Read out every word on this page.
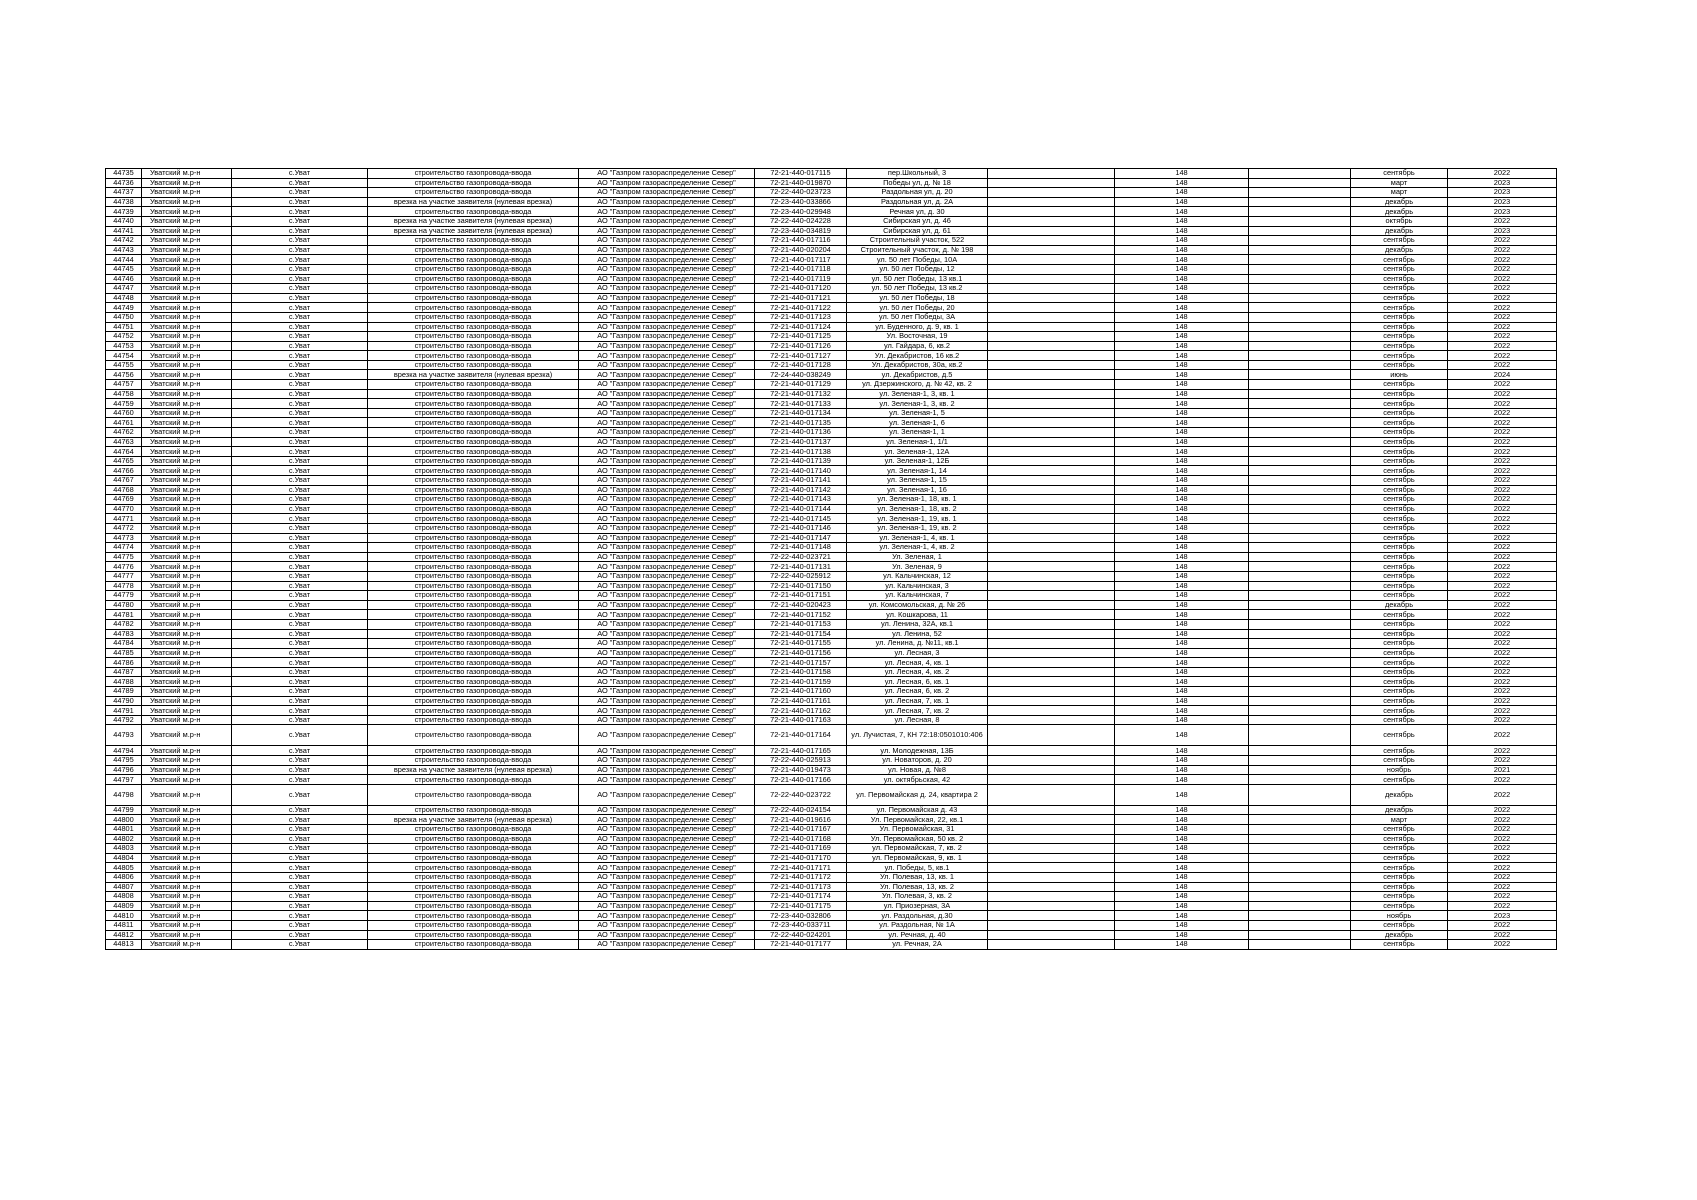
44735	Уватский м.р-н	с.Уват	строительство газопровода-ввода	АО "Газпром газораспределение Север"	72-21-440-017115	пер.Школьный, 3		148		сентябрь	2022
44736	Уватский м.р-н	с.Уват	строительство газопровода-ввода	АО "Газпром газораспределение Север"	72-21-440-019870	Победы ул, д. № 18		148		март	2023
44737	Уватский м.р-н	с.Уват	строительство газопровода-ввода	АО "Газпром газораспределение Север"	72-22-440-023723	Раздольная ул, д. 20		148		март	2023
44738	Уватский м.р-н	с.Уват	врезка на участке заявителя (нулевая врезка)	АО "Газпром газораспределение Север"	72-23-440-033866	Раздольная ул, д. 2А		148		декабрь	2023
44739	Уватский м.р-н	с.Уват	строительство газопровода-ввода	АО "Газпром газораспределение Север"	72-23-440-029948	Речная ул, д. 30		148		декабрь	2023
44740	Уватский м.р-н	с.Уват	врезка на участке заявителя (нулевая врезка)	АО "Газпром газораспределение Север"	72-22-440-024228	Сибирская ул, д. 46		148		октябрь	2022
44741	Уватский м.р-н	с.Уват	врезка на участке заявителя (нулевая врезка)	АО "Газпром газораспределение Север"	72-23-440-034819	Сибирская ул, д. 61		148		декабрь	2023
44742	Уватский м.р-н	с.Уват	строительство газопровода-ввода	АО "Газпром газораспределение Север"	72-21-440-017116	Строительный участок, 522		148		сентябрь	2022
44743	Уватский м.р-н	с.Уват	строительство газопровода-ввода	АО "Газпром газораспределение Север"	72-21-440-020204	Строительный участок, д. № 198		148		декабрь	2022
44744	Уватский м.р-н	с.Уват	строительство газопровода-ввода	АО "Газпром газораспределение Север"	72-21-440-017117	ул. 50 лет Победы, 10А		148		сентябрь	2022
44745	Уватский м.р-н	с.Уват	строительство газопровода-ввода	АО "Газпром газораспределение Север"	72-21-440-017118	ул. 50 лет Победы, 12		148		сентябрь	2022
44746	Уватский м.р-н	с.Уват	строительство газопровода-ввода	АО "Газпром газораспределение Север"	72-21-440-017119	ул. 50 лет Победы, 13 кв.1		148		сентябрь	2022
44747	Уватский м.р-н	с.Уват	строительство газопровода-ввода	АО "Газпром газораспределение Север"	72-21-440-017120	ул. 50 лет Победы, 13 кв.2		148		сентябрь	2022
44748	Уватский м.р-н	с.Уват	строительство газопровода-ввода	АО "Газпром газораспределение Север"	72-21-440-017121	ул. 50 лет Победы, 18		148		сентябрь	2022
44749	Уватский м.р-н	с.Уват	строительство газопровода-ввода	АО "Газпром газораспределение Север"	72-21-440-017122	ул. 50 лет Победы, 20		148		сентябрь	2022
44750	Уватский м.р-н	с.Уват	строительство газопровода-ввода	АО "Газпром газораспределение Север"	72-21-440-017123	ул. 50 лет Победы, 3А		148		сентябрь	2022
44751	Уватский м.р-н	с.Уват	строительство газопровода-ввода	АО "Газпром газораспределение Север"	72-21-440-017124	ул. Буденного, д. 9, кв. 1		148		сентябрь	2022
44752	Уватский м.р-н	с.Уват	строительство газопровода-ввода	АО "Газпром газораспределение Север"	72-21-440-017125	Ул. Восточная, 19		148		сентябрь	2022
44753	Уватский м.р-н	с.Уват	строительство газопровода-ввода	АО "Газпром газораспределение Север"	72-21-440-017126	ул. Гайдара, 6, кв.2		148		сентябрь	2022
44754	Уватский м.р-н	с.Уват	строительство газопровода-ввода	АО "Газпром газораспределение Север"	72-21-440-017127	Ул. Декабристов, 16 кв.2		148		сентябрь	2022
44755	Уватский м.р-н	с.Уват	строительство газопровода-ввода	АО "Газпром газораспределение Север"	72-21-440-017128	Ул. Декабристов, 30а, кв.2		148		сентябрь	2022
44756	Уватский м.р-н	с.Уват	врезка на участке заявителя (нулевая врезка)	АО "Газпром газораспределение Север"	72-24-440-038249	ул. Декабристов, д.5		148		июнь	2024
44757	Уватский м.р-н	с.Уват	строительство газопровода-ввода	АО "Газпром газораспределение Север"	72-21-440-017129	ул. Дзержинского, д. № 42, кв. 2		148		сентябрь	2022
44758	Уватский м.р-н	с.Уват	строительство газопровода-ввода	АО "Газпром газораспределение Север"	72-21-440-017132	ул. Зеленая-1, 3, кв. 1		148		сентябрь	2022
44759	Уватский м.р-н	с.Уват	строительство газопровода-ввода	АО "Газпром газораспределение Север"	72-21-440-017133	ул. Зеленая-1, 3, кв. 2		148		сентябрь	2022
44760	Уватский м.р-н	с.Уват	строительство газопровода-ввода	АО "Газпром газораспределение Север"	72-21-440-017134	ул. Зеленая-1, 5		148		сентябрь	2022
44761	Уватский м.р-н	с.Уват	строительство газопровода-ввода	АО "Газпром газораспределение Север"	72-21-440-017135	ул. Зеленая-1, 6		148		сентябрь	2022
44762	Уватский м.р-н	с.Уват	строительство газопровода-ввода	АО "Газпром газораспределение Север"	72-21-440-017136	ул. Зеленая-1, 1		148		сентябрь	2022
44763	Уватский м.р-н	с.Уват	строительство газопровода-ввода	АО "Газпром газораспределение Север"	72-21-440-017137	ул. Зеленая-1, 1/1		148		сентябрь	2022
44764	Уватский м.р-н	с.Уват	строительство газопровода-ввода	АО "Газпром газораспределение Север"	72-21-440-017138	ул. Зеленая-1, 12А		148		сентябрь	2022
44765	Уватский м.р-н	с.Уват	строительство газопровода-ввода	АО "Газпром газораспределение Север"	72-21-440-017139	ул. Зеленая-1, 12Б		148		сентябрь	2022
44766	Уватский м.р-н	с.Уват	строительство газопровода-ввода	АО "Газпром газораспределение Север"	72-21-440-017140	ул. Зеленая-1, 14		148		сентябрь	2022
44767	Уватский м.р-н	с.Уват	строительство газопровода-ввода	АО "Газпром газораспределение Север"	72-21-440-017141	ул. Зеленая-1, 15		148		сентябрь	2022
44768	Уватский м.р-н	с.Уват	строительство газопровода-ввода	АО "Газпром газораспределение Север"	72-21-440-017142	ул. Зеленая-1, 16		148		сентябрь	2022
44769	Уватский м.р-н	с.Уват	строительство газопровода-ввода	АО "Газпром газораспределение Север"	72-21-440-017143	ул. Зеленая-1, 18, кв. 1		148		сентябрь	2022
44770	Уватский м.р-н	с.Уват	строительство газопровода-ввода	АО "Газпром газораспределение Север"	72-21-440-017144	ул. Зеленая-1, 18, кв. 2		148		сентябрь	2022
44771	Уватский м.р-н	с.Уват	строительство газопровода-ввода	АО "Газпром газораспределение Север"	72-21-440-017145	ул. Зеленая-1, 19, кв. 1		148		сентябрь	2022
44772	Уватский м.р-н	с.Уват	строительство газопровода-ввода	АО "Газпром газораспределение Север"	72-21-440-017146	ул. Зеленая-1, 19, кв. 2		148		сентябрь	2022
44773	Уватский м.р-н	с.Уват	строительство газопровода-ввода	АО "Газпром газораспределение Север"	72-21-440-017147	ул. Зеленая-1, 4, кв. 1		148		сентябрь	2022
44774	Уватский м.р-н	с.Уват	строительство газопровода-ввода	АО "Газпром газораспределение Север"	72-21-440-017148	ул. Зеленая-1, 4, кв. 2		148		сентябрь	2022
44775	Уватский м.р-н	с.Уват	строительство газопровода-ввода	АО "Газпром газораспределение Север"	72-22-440-023721	Ул. Зеленая, 1		148		сентябрь	2022
44776	Уватский м.р-н	с.Уват	строительство газопровода-ввода	АО "Газпром газораспределение Север"	72-21-440-017131	Ул. Зеленая, 9		148		сентябрь	2022
44777	Уватский м.р-н	с.Уват	строительство газопровода-ввода	АО "Газпром газораспределение Север"	72-22-440-025912	ул. Кальчинская, 12		148		сентябрь	2022
44778	Уватский м.р-н	с.Уват	строительство газопровода-ввода	АО "Газпром газораспределение Север"	72-21-440-017150	ул. Кальчинская, 3		148		сентябрь	2022
44779	Уватский м.р-н	с.Уват	строительство газопровода-ввода	АО "Газпром газораспределение Север"	72-21-440-017151	ул. Кальчинская, 7		148		сентябрь	2022
44780	Уватский м.р-н	с.Уват	строительство газопровода-ввода	АО "Газпром газораспределение Север"	72-21-440-020423	ул. Комсомольская, д. № 26		148		декабрь	2022
44781	Уватский м.р-н	с.Уват	строительство газопровода-ввода	АО "Газпром газораспределение Север"	72-21-440-017152	ул. Кошкарова, 11		148		сентябрь	2022
44782	Уватский м.р-н	с.Уват	строительство газопровода-ввода	АО "Газпром газораспределение Север"	72-21-440-017153	ул. Ленина, 32А, кв.1		148		сентябрь	2022
44783	Уватский м.р-н	с.Уват	строительство газопровода-ввода	АО "Газпром газораспределение Север"	72-21-440-017154	ул. Ленина, 52		148		сентябрь	2022
44784	Уватский м.р-н	с.Уват	строительство газопровода-ввода	АО "Газпром газораспределение Север"	72-21-440-017155	ул. Ленина, д. №11, кв.1		148		сентябрь	2022
44785	Уватский м.р-н	с.Уват	строительство газопровода-ввода	АО "Газпром газораспределение Север"	72-21-440-017156	ул. Лесная, 3		148		сентябрь	2022
44786	Уватский м.р-н	с.Уват	строительство газопровода-ввода	АО "Газпром газораспределение Север"	72-21-440-017157	ул. Лесная, 4, кв. 1		148		сентябрь	2022
44787	Уватский м.р-н	с.Уват	строительство газопровода-ввода	АО "Газпром газораспределение Север"	72-21-440-017158	ул. Лесная, 4, кв. 2		148		сентябрь	2022
44788	Уватский м.р-н	с.Уват	строительство газопровода-ввода	АО "Газпром газораспределение Север"	72-21-440-017159	ул. Лесная, 6, кв. 1		148		сентябрь	2022
44789	Уватский м.р-н	с.Уват	строительство газопровода-ввода	АО "Газпром газораспределение Север"	72-21-440-017160	ул. Лесная, 6, кв. 2		148		сентябрь	2022
44790	Уватский м.р-н	с.Уват	строительство газопровода-ввода	АО "Газпром газораспределение Север"	72-21-440-017161	ул. Лесная, 7, кв. 1		148		сентябрь	2022
44791	Уватский м.р-н	с.Уват	строительство газопровода-ввода	АО "Газпром газораспределение Север"	72-21-440-017162	ул. Лесная, 7, кв. 2		148		сентябрь	2022
44792	Уватский м.р-н	с.Уват	строительство газопровода-ввода	АО "Газпром газораспределение Север"	72-21-440-017163	ул. Лесная, 8		148		сентябрь	2022
44793	Уватский м.р-н	с.Уват	строительство газопровода-ввода	АО "Газпром газораспределение Север"	72-21-440-017164	ул. Лучистая, 7, КН 72:18:0501010:406		148		сентябрь	2022
44794	Уватский м.р-н	с.Уват	строительство газопровода-ввода	АО "Газпром газораспределение Север"	72-21-440-017165	ул. Молодежная, 13Б		148		сентябрь	2022
44795	Уватский м.р-н	с.Уват	строительство газопровода-ввода	АО "Газпром газораспределение Север"	72-22-440-025913	ул. Новаторов, д. 20		148		сентябрь	2022
44796	Уватский м.р-н	с.Уват	врезка на участке заявителя (нулевая врезка)	АО "Газпром газораспределение Север"	72-21-440-019473	ул. Новая, д. №8		148		ноябрь	2021
44797	Уватский м.р-н	с.Уват	строительство газопровода-ввода	АО "Газпром газораспределение Север"	72-21-440-017166	ул. октябрьская, 42		148		сентябрь	2022
44798	Уватский м.р-н	с.Уват	строительство газопровода-ввода	АО "Газпром газораспределение Север"	72-22-440-023722	ул. Первомайская д. 24, квартира 2		148		декабрь	2022
44799	Уватский м.р-н	с.Уват	строительство газопровода-ввода	АО "Газпром газораспределение Север"	72-22-440-024154	ул. Первомайская д. 43		148		декабрь	2022
44800	Уватский м.р-н	с.Уват	врезка на участке заявителя (нулевая врезка)	АО "Газпром газораспределение Север"	72-21-440-019616	Ул. Первомайская, 22, кв.1		148		март	2022
44801	Уватский м.р-н	с.Уват	строительство газопровода-ввода	АО "Газпром газораспределение Север"	72-21-440-017167	Ул. Первомайская, 31		148		сентябрь	2022
44802	Уватский м.р-н	с.Уват	строительство газопровода-ввода	АО "Газпром газораспределение Север"	72-21-440-017168	Ул. Первомайская, 50 кв. 2		148		сентябрь	2022
44803	Уватский м.р-н	с.Уват	строительство газопровода-ввода	АО "Газпром газораспределение Север"	72-21-440-017169	ул. Первомайская, 7, кв. 2		148		сентябрь	2022
44804	Уватский м.р-н	с.Уват	строительство газопровода-ввода	АО "Газпром газораспределение Север"	72-21-440-017170	ул. Первомайская, 9, кв. 1		148		сентябрь	2022
44805	Уватский м.р-н	с.Уват	строительство газопровода-ввода	АО "Газпром газораспределение Север"	72-21-440-017171	ул. Победы, 5, кв.1		148		сентябрь	2022
44806	Уватский м.р-н	с.Уват	строительство газопровода-ввода	АО "Газпром газораспределение Север"	72-21-440-017172	Ул. Полевая, 13, кв. 1		148		сентябрь	2022
44807	Уватский м.р-н	с.Уват	строительство газопровода-ввода	АО "Газпром газораспределение Север"	72-21-440-017173	Ул. Полевая, 13, кв. 2		148		сентябрь	2022
44808	Уватский м.р-н	с.Уват	строительство газопровода-ввода	АО "Газпром газораспределение Север"	72-21-440-017174	Ул. Полевая, 3, кв. 2		148		сентябрь	2022
44809	Уватский м.р-н	с.Уват	строительство газопровода-ввода	АО "Газпром газораспределение Север"	72-21-440-017175	ул. Приозерная, 3А		148		сентябрь	2022
44810	Уватский м.р-н	с.Уват	строительство газопровода-ввода	АО "Газпром газораспределение Север"	72-23-440-032806	ул. Раздольная, д.30		148		ноябрь	2023
44811	Уватский м.р-н	с.Уват	строительство газопровода-ввода	АО "Газпром газораспределение Север"	72-23-440-033711	ул. Раздольная, № 1А		148		сентябрь	2022
44812	Уватский м.р-н	с.Уват	строительство газопровода-ввода	АО "Газпром газораспределение Север"	72-22-440-024201	ул. Речная, д. 40		148		декабрь	2022
44813	Уватский м.р-н	с.Уват	строительство газопровода-ввода	АО "Газпром газораспределение Север"	72-21-440-017177	ул. Речная, 2А		148		сентябрь	2022
